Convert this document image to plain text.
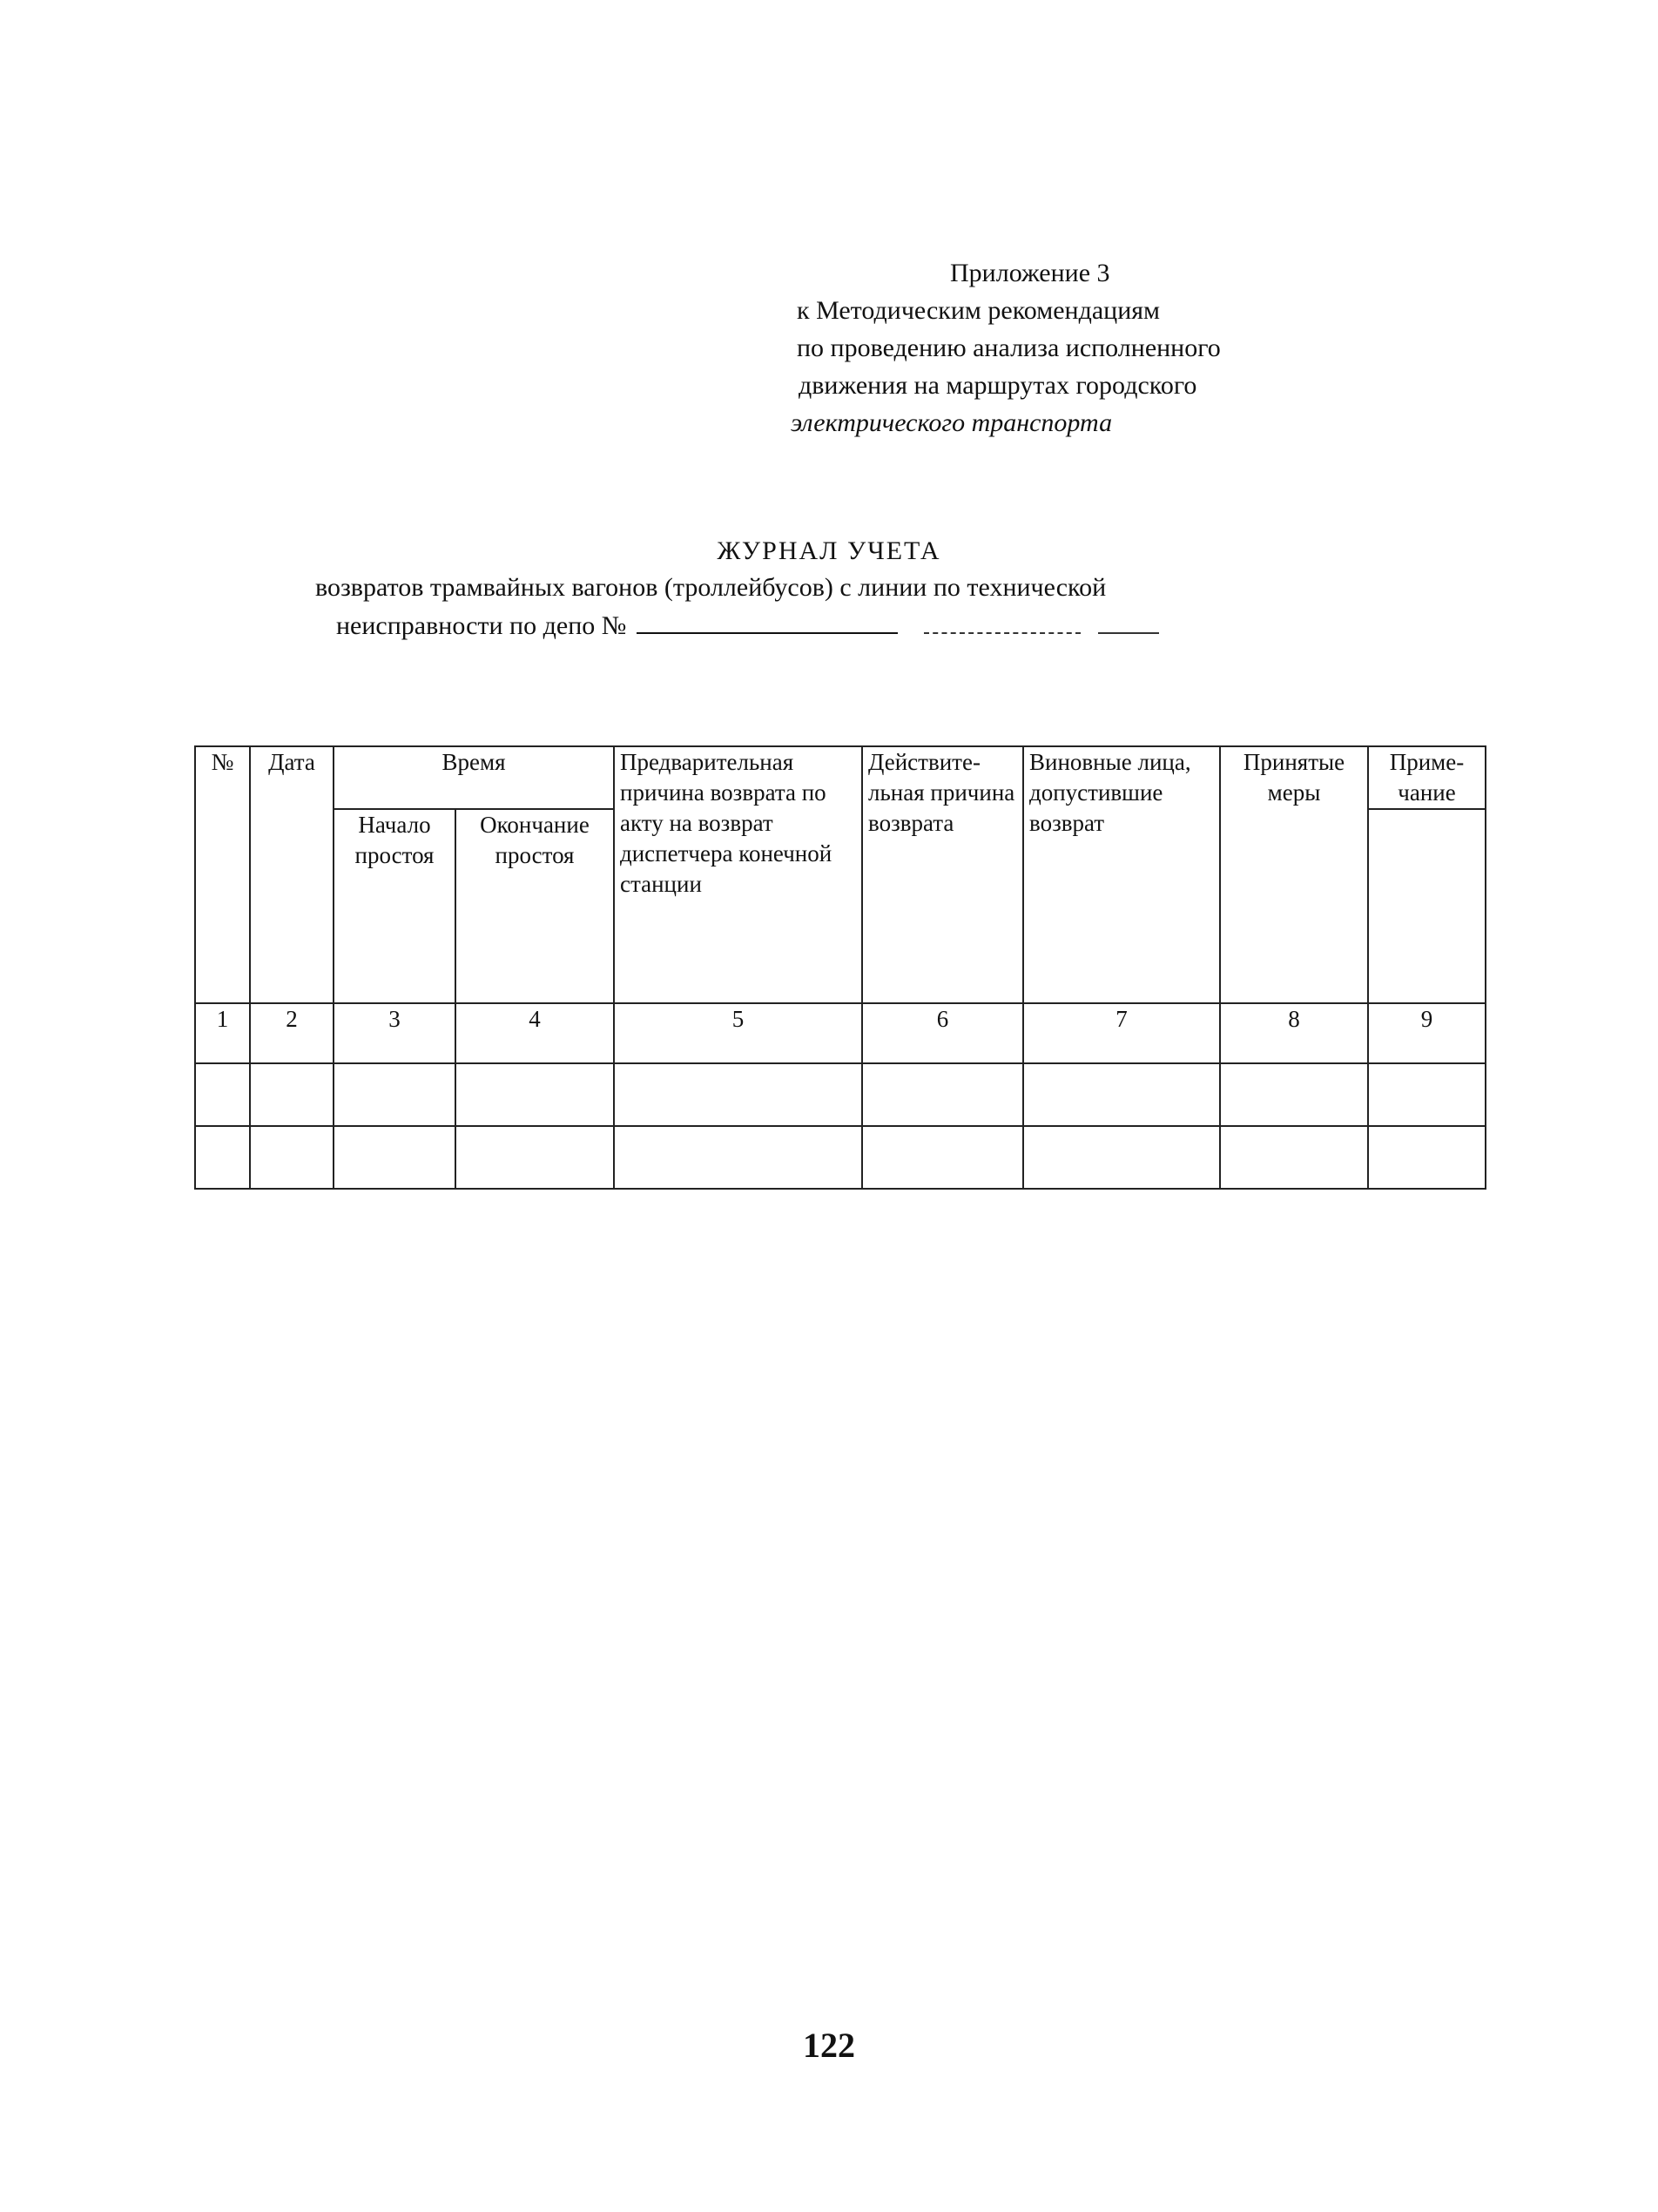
Приложение 3
к Методическим рекомендациям
по проведению анализа исполненного
движения на маршрутах городского
электрического транспорта
ЖУРНАЛ УЧЕТА
возвратов трамвайных вагонов (троллейбусов) с линии по технической
неисправности по депо №
№	Дата	Время		Предварительная причина возврата по акту на возврат диспетчера конечной станции	Действите-льная причина возврата	Виновные лица, допустившие возврат	Принятые меры	Приме-чание
		Начало простоя	Окончание простоя					
1	2	3	4	5	6	7	8	9

122
